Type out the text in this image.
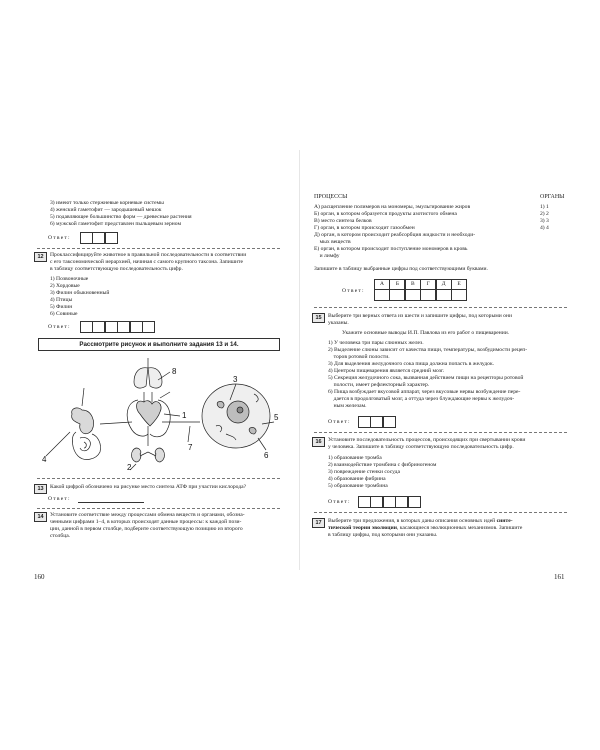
3) имеют только стержневые корневые системы
4) женский гаметофит — зародышевый мешок
5) подавляющее большинство форм — древесные растения
6) мужской гаметофит представлен пыльцевым зерном
Ответ:
12	Проклассифицируйте животное в правильной последовательности в соответствии
с его таксономической иерархией, начиная с самого крупного таксона. Запишите
в таблицу соответствующую последовательность цифр.
1) Позвоночные
2) Хордовые
3) Филин обыкновенный
4) Птицы
5) Филин
6) Совиные
Ответ:
Рассмотрите рисунок и выполните задания 13 и 14.
4
2
1
7
8
3
5
6
13	Какой цифрой обозначено на рисунке место синтеза АТФ при участии кислорода?
Ответ:
14	Установите соответствие между процессами обмена веществ и органами, обозна-
ченными цифрами 1–4, в которых происходят данные процессы: к каждой пози-
ции, данной в первом столбце, подберите соответствующую позицию из второго
столбца.
160
ПРОЦЕССЫ	ОРГАНЫ
А) расщепление полимеров на мономеры, эмульгирование жиров
Б) орган, в котором образуется продукты азотистого обмена
В) место синтеза белков
Г) орган, в котором происходит газообмен
Д) орган, в котором происходит реабсорбция жидкости и необходи-
мых веществ
Е) орган, в котором происходит поступление мономеров в кровь
и лимфу
1) 1
2) 2
3) 3
4) 4
Запишите в таблицу выбранные цифры под соответствующими буквами.
Ответ:
А	Б	В	Г	Д	Е
15	Выберите три верных ответа из шести и запишите цифры, под которыми они
указаны.
Укажите основные выводы И.П. Павлова из его работ о пищеварении.
1) У человека три пары слюнных желез.
2) Выделение слюны зависит от качества пищи, температуры, возбудимости рецеп-
торов ротовой полости.
3) Для выделения желудочного сока пища должна попасть в желудок.
4) Центром пищеварения является средний мозг.
5) Секреция желудочного сока, вызванная действием пищи на рецепторы ротовой
полости, имеет рефлекторный характер.
6) Пища возбуждает вкусовой аппарат, через вкусовые нервы возбуждение пере-
дается в продолговатый мозг, а оттуда через блуждающие нервы к желудоч-
ным железам.
Ответ:
16	Установите последовательность процессов, происходящих при свертывании крови
у человека. Запишите в таблицу соответствующую последовательность цифр.
1) образование тромба
2) взаимодействие тромбина с фибриногеном
3) повреждение стенки сосуда
4) образование фибрина
5) образование тромбина
Ответ:
17	Выберите три предложения, в которых даны описания основных идей синте-
тической теории эволюции, касающиеся эволюционных механизмов. Запишите
в таблицу цифры, под которыми они указаны.
161
